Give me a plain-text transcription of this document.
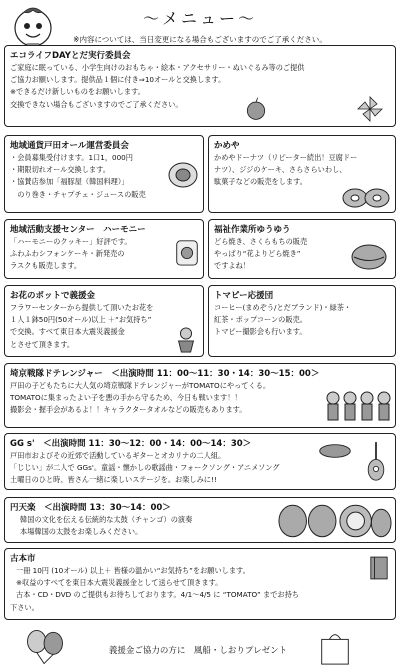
～メニュー～
※内容については、当日変更になる場合もございますのでご了承ください。
エコライフDAYとだ実行委員会
ご家庭に眠っている、小学生向けのおもちゃ・絵本・アクセサリー・ぬいぐるみ等のご提供
ご協力お願いします。提供品１個に付き⇒10オールと交換します。
※できるだけ新しいものをお願いします。
交換できない場合もございますのでご了承ください。
地域通貨戸田オール運営委員会
・会員募集受付けます。1口1，000円
・期限切れオール交換します。
・協賛店参加「福豚屋（韓国料理）」
　のり巻き・チャプチェ・ジュースの販売
かめや
かめやドーナツ（リピーター続出！豆腐ドー
ナツ）、ジジのケーキ、さらさらいわし、
駄菓子などの販売をします。
地域活動支援センター　ハーモニー
「ハーモニーのクッキー」好評です。
ふわふわシフォンケーキ・新発売の
ラスクも販売します。
福祉作業所ゆうゆう
どら焼き、さくらもちの販売
やっぱり“花よりどら焼き”
ですよね！
お花のポットで義援金
フラワーセンターから提供して頂いたお花を
１人１鉢50円(50オール)以上 ＋“お気持ち”
で交換。すべて東日本大震災義援金
とさせて頂きます。
トマピー応援団
コーヒー(まめぞう/とだブランド)・緑茶・
紅茶・ポップコーンの販売。
トマピー撮影会も行います。
埼京戦隊ドテレンジャー　＜出演時間 11：00～11：30・14：30～15：00＞
戸田の子どもたちに大人気の埼京戦隊ドテレンジャーがTOMATOにやってくる。
TOMATOに集まったよい子を悪の手から守るため、今日も戦います！！
撮影会・握手会があるよ！！キャラクタータオルなどの販売もあります。
GG s'　＜出演時間 11：30～12：00・14：00～14：30＞
戸田市およびその近郊で活動しているギターとオカリナの二人組。
「じじい」が二人で GGs'。童謡・懐かしの歌謡曲・フォークソング・アニメソング
土曜日のひと時、皆さん一緒に楽しいステージを。お楽しみに!!
円天楽　＜出演時間 13：30～14：00＞
韓国の文化を伝える伝統的な太鼓（チャンゴ）の演奏
本場韓国の太鼓をお楽しみください。
古本市
一冊 10円 (10オール) 以上＋ 皆様の温かい“お気持ち”をお願いします。
※収益のすべてを東日本大震災義援金として送らせて頂きます。
古本・CD・DVD のご提供もお待ちしております。4/1～4/5 に “TOMATO” までお持ち
下さい。
義援金ご協力の方に　風船・しおりプレゼント
